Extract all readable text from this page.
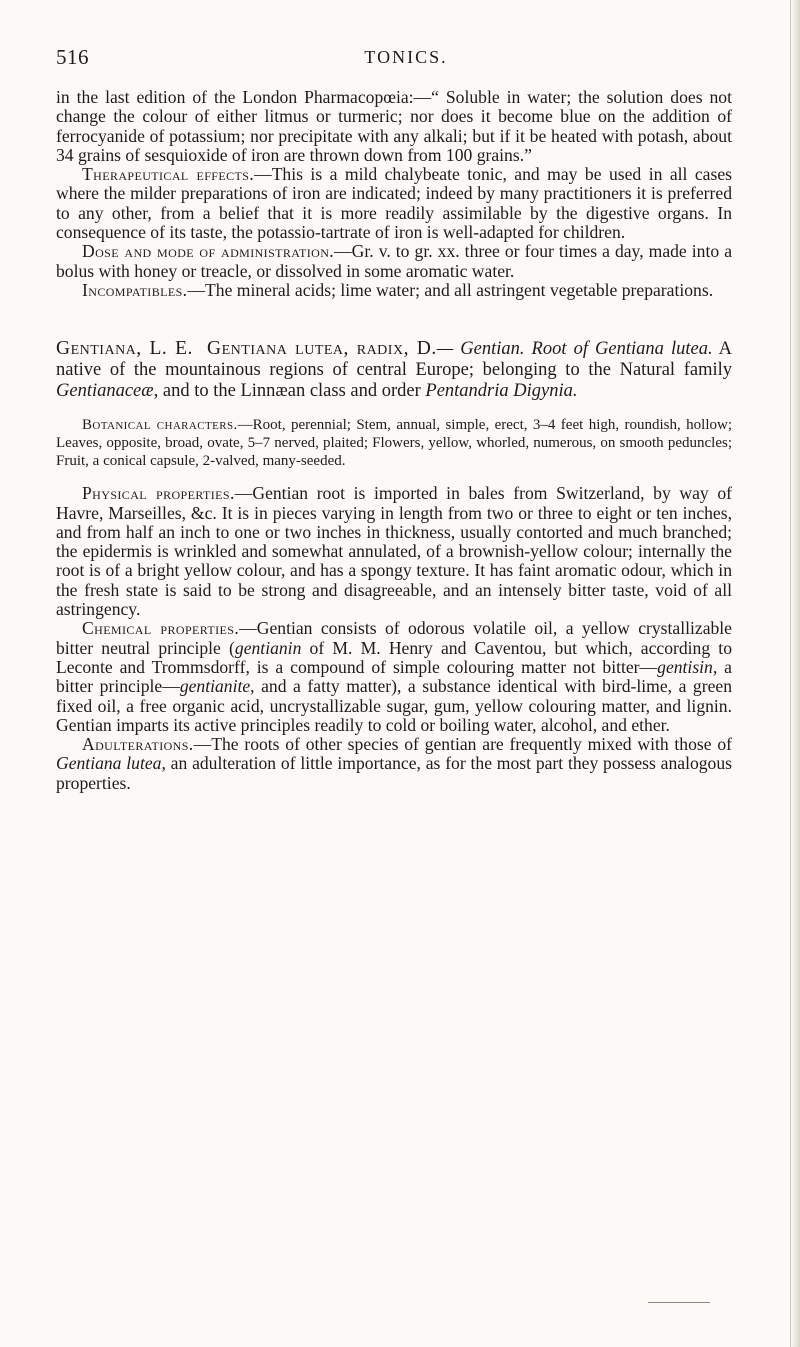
516	TONICS.

in the last edition of the London Pharmacopœia:—“ Soluble in water; the solution does not change the colour of either litmus or turmeric; nor does it become blue on the addition of ferrocyanide of potassium; nor precipitate with any alkali; but if it be heated with potash, about 34 grains of sesquioxide of iron are thrown down from 100 grains.”

Therapeutical effects.—This is a mild chalybeate tonic, and may be used in all cases where the milder preparations of iron are indicated; indeed by many practitioners it is preferred to any other, from a belief that it is more readily assimilable by the digestive organs. In consequence of its taste, the potassio-tartrate of iron is well-adapted for children.

Dose and mode of administration.—Gr. v. to gr. xx. three or four times a day, made into a bolus with honey or treacle, or dissolved in some aromatic water.

Incompatibles.—The mineral acids; lime water; and all astringent vegetable preparations.

Gentiana, L. E. Gentiana lutea, radix, D.— Gentian. Root of Gentiana lutea. A native of the mountainous regions of central Europe; belonging to the Natural family Gentianaceæ, and to the Linnæan class and order Pentandria Digynia.

Botanical characters.—Root, perennial; Stem, annual, simple, erect, 3–4 feet high, roundish, hollow; Leaves, opposite, broad, ovate, 5–7 nerved, plaited; Flowers, yellow, whorled, numerous, on smooth peduncles; Fruit, a conical capsule, 2-valved, many-seeded.

Physical properties.—Gentian root is imported in bales from Switzerland, by way of Havre, Marseilles, &c. It is in pieces varying in length from two or three to eight or ten inches, and from half an inch to one or two inches in thickness, usually contorted and much branched; the epidermis is wrinkled and somewhat annulated, of a brownish-yellow colour; internally the root is of a bright yellow colour, and has a spongy texture. It has faint aromatic odour, which in the fresh state is said to be strong and disagreeable, and an intensely bitter taste, void of all astringency.

Chemical properties.—Gentian consists of odorous volatile oil, a yellow crystallizable bitter neutral principle (gentianin of M. M. Henry and Caventou, but which, according to Leconte and Trommsdorff, is a compound of simple colouring matter not bitter—gentisin, a bitter principle—gentianite, and a fatty matter), a substance identical with bird-lime, a green fixed oil, a free organic acid, uncrystallizable sugar, gum, yellow colouring matter, and lignin. Gentian imparts its active principles readily to cold or boiling water, alcohol, and ether.

Adulterations.—The roots of other species of gentian are frequently mixed with those of Gentiana lutea, an adulteration of little importance, as for the most part they possess analogous properties.
